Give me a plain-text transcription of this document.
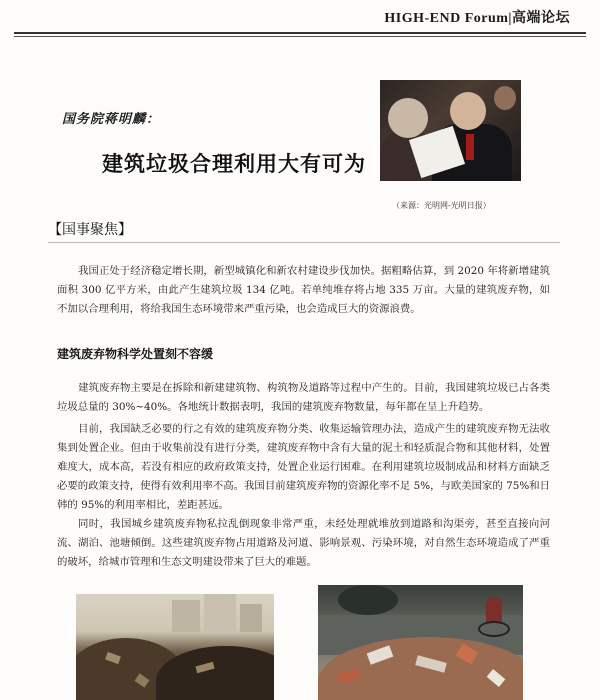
HIGH-END Forum|高端论坛
国务院蒋明麟：
建筑垃圾合理利用大有可为
（来源：光明网-光明日报）
【国事聚焦】

我国正处于经济稳定增长期，新型城镇化和新农村建设步伐加快。据粗略估算，到 2020 年将新增建筑面积 300 亿平方米，由此产生建筑垃圾 134 亿吨。若单纯堆存将占地 335 万亩。大量的建筑废弃物，如不加以合理利用，将给我国生态环境带来严重污染，也会造成巨大的资源浪费。

建筑废弃物科学处置刻不容缓

建筑废弃物主要是在拆除和新建建筑物、构筑物及道路等过程中产生的。目前，我国建筑垃圾已占各类垃圾总量的 30%~40%。各地统计数据表明，我国的建筑废弃物数量，每年都在呈上升趋势。

目前，我国缺乏必要的行之有效的建筑废弃物分类、收集运输管理办法，造成产生的建筑废弃物无法收集到处置企业。但由于收集前没有进行分类，建筑废弃物中含有大量的泥土和轻质混合物和其他材料，处置难度大，成本高，若没有相应的政府政策支持，处置企业运行困难。在利用建筑垃圾制成品和材料方面缺乏必要的政策支持，使得有效利用率不高。我国目前建筑废弃物的资源化率不足 5%，与欧美国家的 75%和日韩的 95%的利用率相比，差距甚远。

同时，我国城乡建筑废弃物私拉乱倒现象非常严重，未经处理就堆放到道路和沟渠旁，甚至直接向河流、湖泊、池塘倾倒。这些建筑废弃物占用道路及河道、影响景观、污染环境，对自然生态环境造成了严重的破坏，给城市管理和生态文明建设带来了巨大的难题。
